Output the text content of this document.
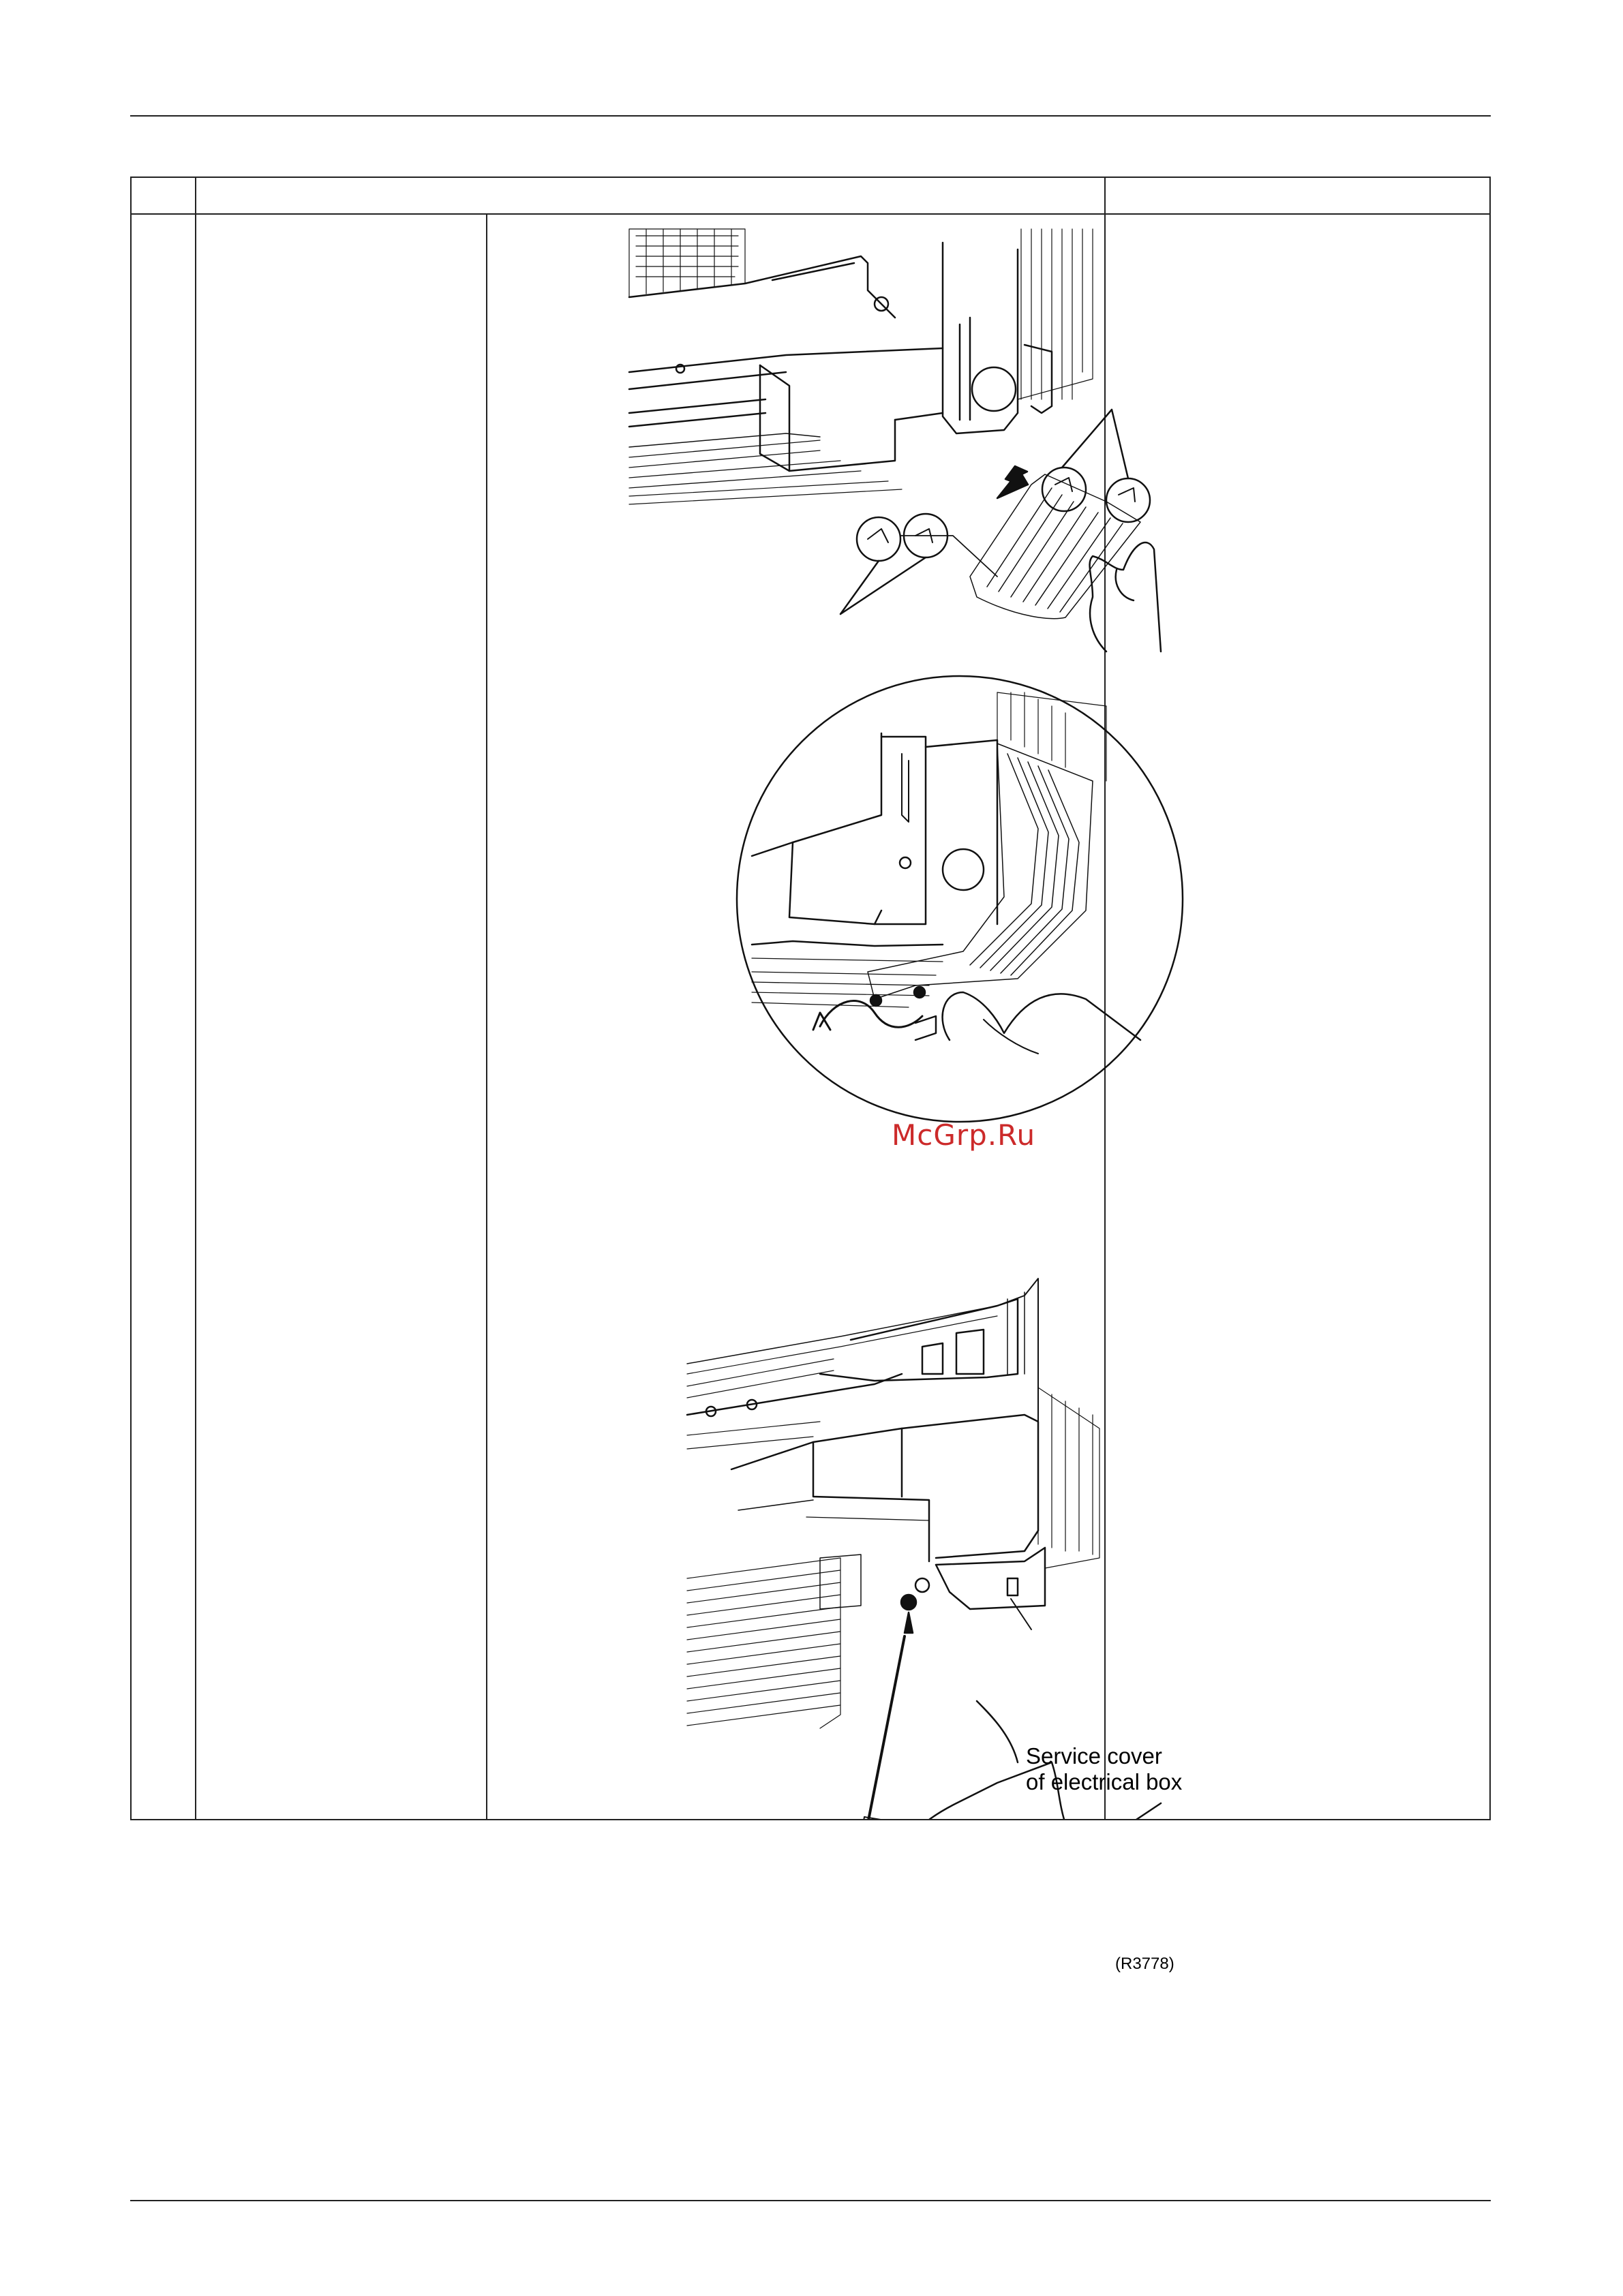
McGrp.Ru
Service cover
of electrical box
(R3778)
